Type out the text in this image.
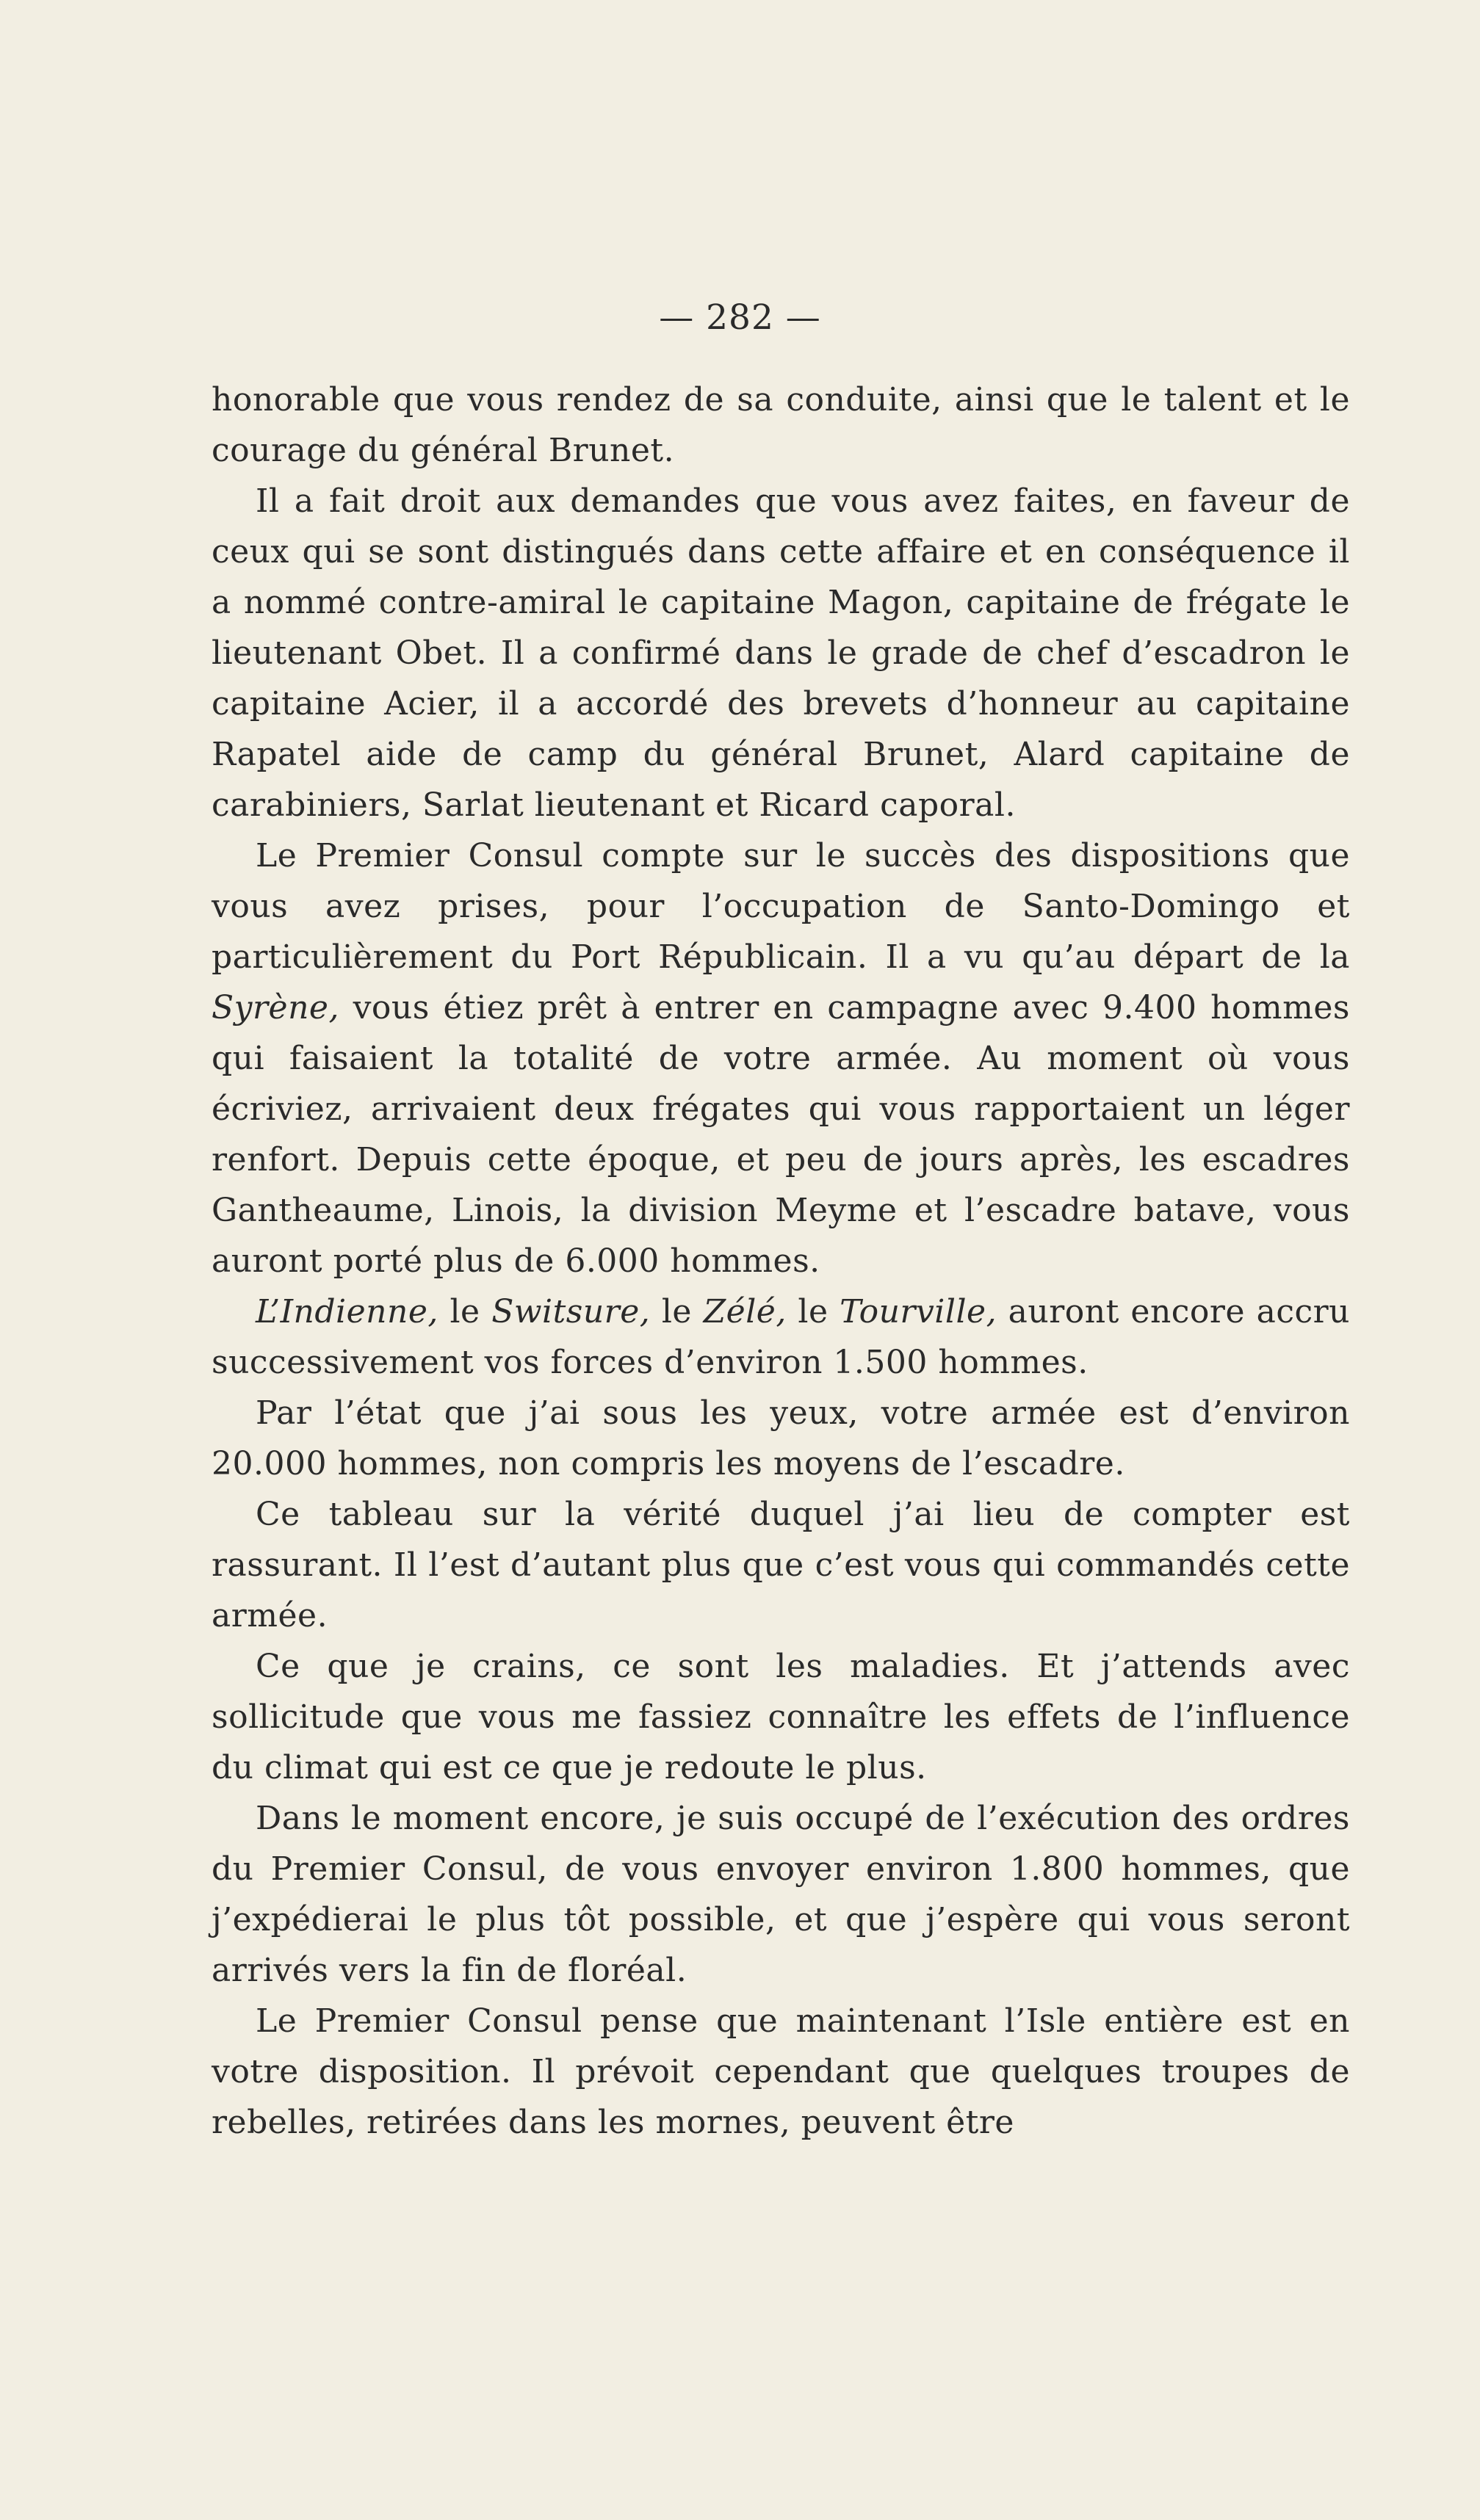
— 282 —

honorable que vous rendez de sa conduite, ainsi que le talent et le courage du général Brunet.

Il a fait droit aux demandes que vous avez faites, en faveur de ceux qui se sont distingués dans cette affaire et en conséquence il a nommé contre-amiral le capitaine Magon, capitaine de frégate le lieutenant Obet. Il a confirmé dans le grade de chef d’escadron le capitaine Acier, il a accordé des brevets d’honneur au capitaine Rapatel aide de camp du général Brunet, Alard capitaine de carabiniers, Sarlat lieutenant et Ricard caporal.

Le Premier Consul compte sur le succès des dispositions que vous avez prises, pour l’occupation de Santo-Domingo et particulièrement du Port Républicain. Il a vu qu’au départ de la Syrène, vous étiez prêt à entrer en campagne avec 9.400 hommes qui faisaient la totalité de votre armée. Au moment où vous écriviez, arrivaient deux frégates qui vous rapportaient un léger renfort. Depuis cette époque, et peu de jours après, les escadres Gantheaume, Linois, la division Meyme et l’escadre batave, vous auront porté plus de 6.000 hommes.

L’Indienne, le Switsure, le Zélé, le Tourville, auront encore accru successivement vos forces d’environ 1.500 hommes.

Par l’état que j’ai sous les yeux, votre armée est d’environ 20.000 hommes, non compris les moyens de l’escadre.

Ce tableau sur la vérité duquel j’ai lieu de compter est rassurant. Il l’est d’autant plus que c’est vous qui commandés cette armée.

Ce que je crains, ce sont les maladies. Et j’attends avec sollicitude que vous me fassiez connaître les effets de l’influence du climat qui est ce que je redoute le plus.

Dans le moment encore, je suis occupé de l’exécution des ordres du Premier Consul, de vous envoyer environ 1.800 hommes, que j’expédierai le plus tôt possible, et que j’espère qui vous seront arrivés vers la fin de floréal.

Le Premier Consul pense que maintenant l’Isle entière est en votre disposition. Il prévoit cependant que quelques troupes de rebelles, retirées dans les mornes, peuvent être
